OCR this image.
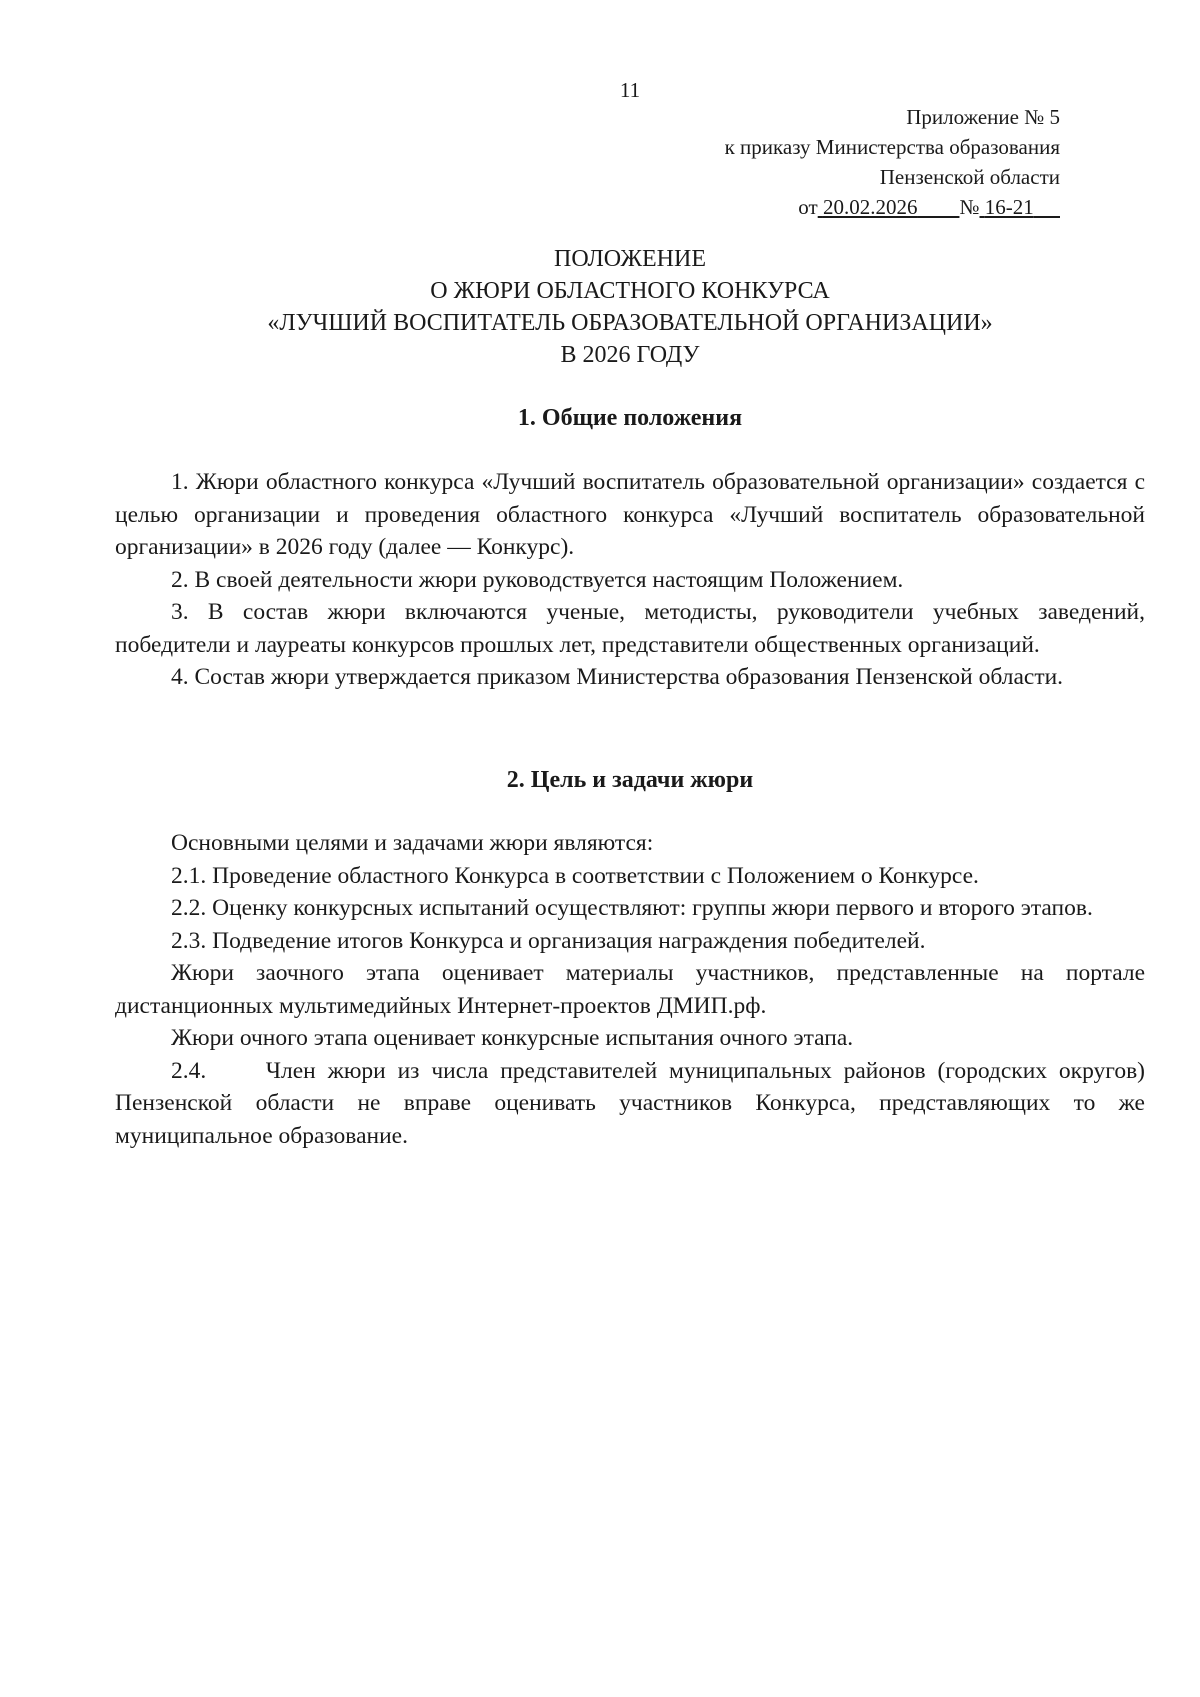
11
Приложение № 5
к приказу Министерства образования
Пензенской области
от 20.02.2026 № 16-21
ПОЛОЖЕНИЕ
О ЖЮРИ ОБЛАСТНОГО КОНКУРСА
«ЛУЧШИЙ ВОСПИТАТЕЛЬ ОБРАЗОВАТЕЛЬНОЙ ОРГАНИЗАЦИИ»
В 2026 ГОДУ
1. Общие положения

1. Жюри областного конкурса «Лучший воспитатель образовательной организации» создается с целью организации и проведения областного конкурса «Лучший воспитатель образовательной организации» в 2026 году (далее — Конкурс).

2. В своей деятельности жюри руководствуется настоящим Положением.

3. В состав жюри включаются ученые, методисты, руководители учебных заведений, победители и лауреаты конкурсов прошлых лет, представители общественных организаций.

4. Состав жюри утверждается приказом Министерства образования Пензенской области.

2. Цель и задачи жюри

Основными целями и задачами жюри являются:

2.1. Проведение областного Конкурса в соответствии с Положением о Конкурсе.

2.2. Оценку конкурсных испытаний осуществляют: группы жюри первого и второго этапов.

2.3. Подведение итогов Конкурса и организация награждения победителей.

Жюри заочного этапа оценивает материалы участников, представленные на портале дистанционных мультимедийных Интернет-проектов ДМИП.рф.

Жюри очного этапа оценивает конкурсные испытания очного этапа.

2.4.     Член жюри из числа представителей муниципальных районов (городских округов) Пензенской области не вправе оценивать участников Конкурса, представляющих то же муниципальное образование.
